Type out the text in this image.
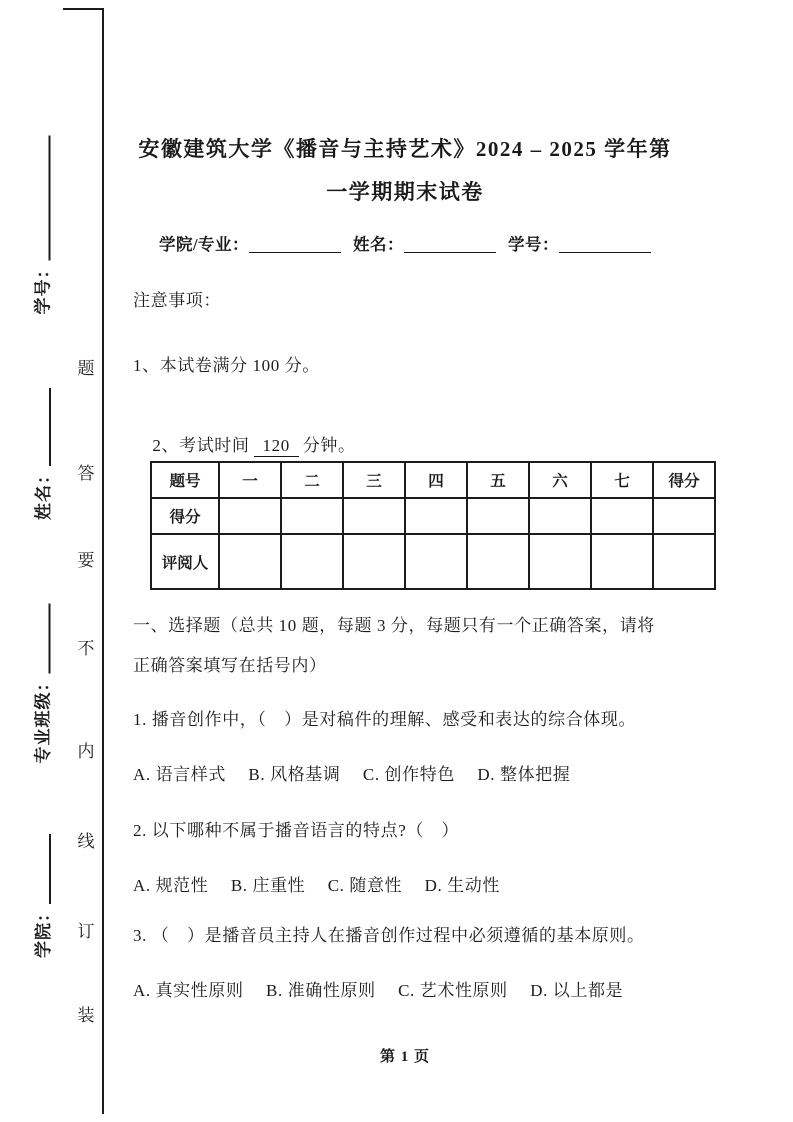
学号：
姓名：
专业班级：
学院：
题
答
要
不
内
线
订
装
安徽建筑大学《播音与主持艺术》2024 – 2025 学年第
一学期期末试卷
学院/专业：	姓名：	学号：
注意事项：
1、本试卷满分 100 分。

2、考试时间 120 分钟。

题号	一	二	三	四	五	六	七	得分
得分								
评阅人								
一、选择题（总共 10 题，每题 3 分，每题只有一个正确答案，请将
正确答案填写在括号内）
1. 播音创作中，（　）是对稿件的理解、感受和表达的综合体现。
A. 语言样式　 B. 风格基调　 C. 创作特色　 D. 整体把握
2. 以下哪种不属于播音语言的特点?（　）
A. 规范性　 B. 庄重性　 C. 随意性　 D. 生动性
3. （　）是播音员主持人在播音创作过程中必须遵循的基本原则。
A. 真实性原则　 B. 准确性原则　 C. 艺术性原则　 D. 以上都是
第 1 页
